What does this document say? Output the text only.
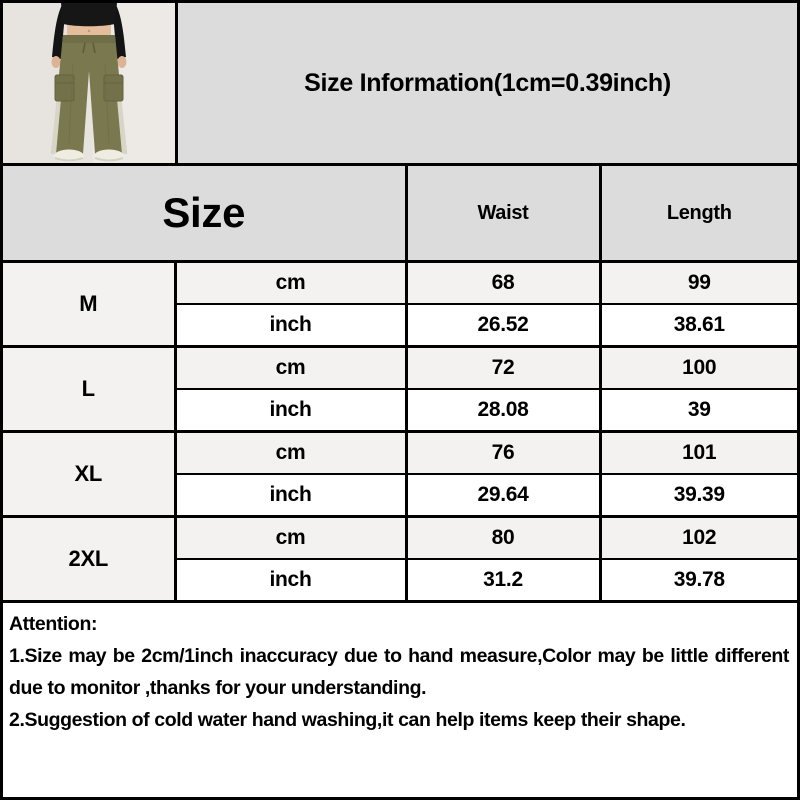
Size Information(1cm=0.39inch)
Size		Waist	Length
M	cm	68	99
	inch	26.52	38.61
L	cm	72	100
	inch	28.08	39
XL	cm	76	101
	inch	29.64	39.39
2XL	cm	80	102
	inch	31.2	39.78
Attention:
1.Size may be 2cm/1inch inaccuracy due to hand measure,Color may be little different due to monitor ,thanks for your understanding.
2.Suggestion of cold water hand washing,it can help items keep their shape.
